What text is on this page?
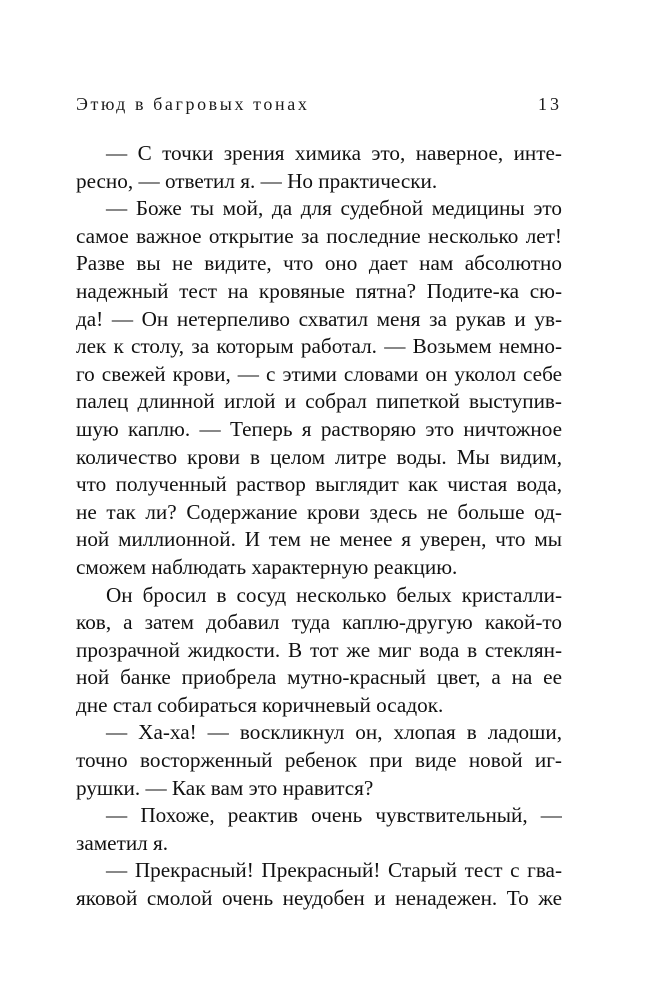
Этюд в багровых тонах	13
— С точки зрения химика это, наверное, инте-
ресно, — ответил я. — Но практически.
— Боже ты мой, да для судебной медицины это
самое важное открытие за последние несколько лет!
Разве вы не видите, что оно дает нам абсолютно
надежный тест на кровяные пятна? Подите-ка сю-
да! — Он нетерпеливо схватил меня за рукав и ув-
лек к столу, за которым работал. — Возьмем немно-
го свежей крови, — с этими словами он уколол себе
палец длинной иглой и собрал пипеткой выступив-
шую каплю. — Теперь я растворяю это ничтожное
количество крови в целом литре воды. Мы видим,
что полученный раствор выглядит как чистая вода,
не так ли? Содержание крови здесь не больше од-
ной миллионной. И тем не менее я уверен, что мы
сможем наблюдать характерную реакцию.
Он бросил в сосуд несколько белых кристалли-
ков, а затем добавил туда каплю-другую какой-то
прозрачной жидкости. В тот же миг вода в стеклян-
ной банке приобрела мутно-красный цвет, а на ее
дне стал собираться коричневый осадок.
— Ха-ха! — воскликнул он, хлопая в ладоши,
точно восторженный ребенок при виде новой иг-
рушки. — Как вам это нравится?
— Похоже, реактив очень чувствительный, —
заметил я.
— Прекрасный! Прекрасный! Старый тест с гва-
яковой смолой очень неудобен и ненадежен. То же
